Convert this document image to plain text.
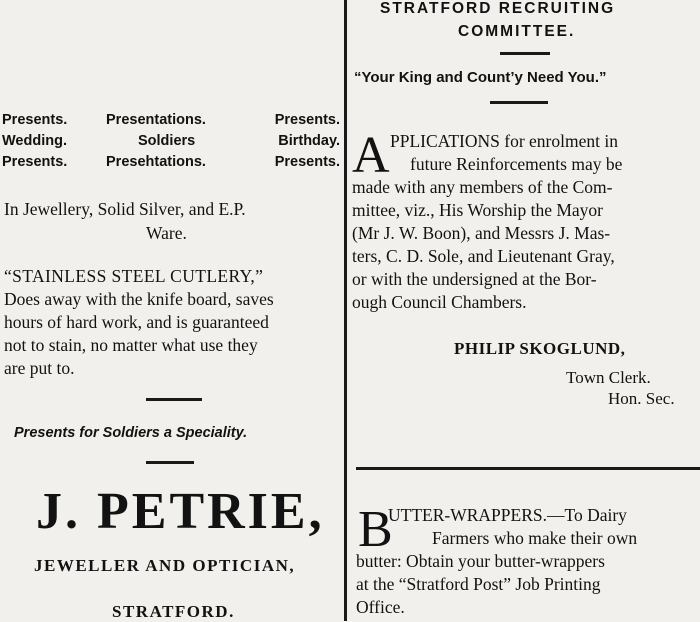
Presents.	Presentations.	Presents.
Wedding.	Soldiers	Birthday.
Presents.	Presehtations.	Presents.
In Jewellery, Solid Silver, and E.P.
Ware.
“STAINLESS STEEL CUTLERY,”
Does away with the knife board, saves
hours of hard work, and is guaranteed
not to stain, no matter what use they
are put to.
Presents for Soldiers a Speciality.
J. PETRIE,
JEWELLER AND OPTICIAN,
STRATFORD.
STRATFORD RECRUITING
COMMITTEE.
“Your King and Count’y Need You.”
A PPLICATIONS for enrolment in
future Reinforcements may be
made with any members of the Com-
mittee, viz., His Worship the Mayor
(Mr J. W. Boon), and Messrs J. Mas-
ters, C. D. Sole, and Lieutenant Gray,
or with the undersigned at the Bor-
ough Council Chambers.
PHILIP SKOGLUND,
Town Clerk.
Hon. Sec.
B
UTTER-WRAPPERS.—To Dairy
Farmers who make their own
butter: Obtain your butter-wrappers
at the “Stratford Post” Job Printing
Office.
